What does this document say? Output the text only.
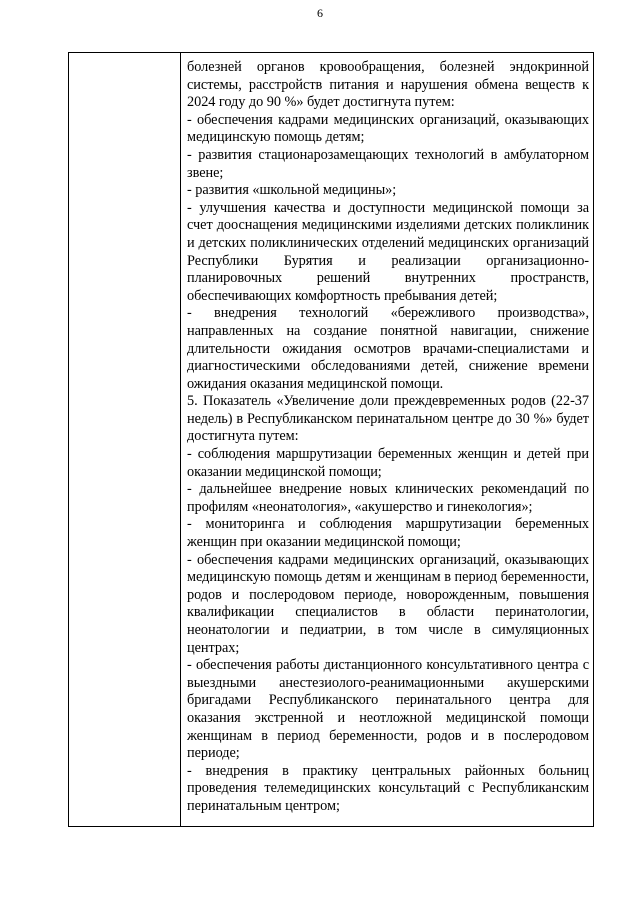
6

болезней органов кровообращения, болезней эндокринной системы, расстройств питания и нарушения обмена веществ к 2024 году до 90 %» будет достигнута путем:

- обеспечения кадрами медицинских организаций, оказывающих медицинскую помощь детям;

- развития стационарозамещающих технологий в амбулаторном звене;

- развития «школьной медицины»;

- улучшения качества и доступности медицинской помощи за счет дооснащения медицинскими изделиями детских поликлиник и детских поликлинических отделений медицинских организаций Республики Бурятия и реализации организационно-планировочных решений внутренних пространств, обеспечивающих комфортность пребывания детей;

- внедрения технологий «бережливого производства», направленных на создание понятной навигации, снижение длительности ожидания осмотров врачами-специалистами и диагностическими обследованиями детей, снижение времени ожидания оказания медицинской помощи.

5. Показатель «Увеличение доли преждевременных родов (22-37 недель) в Республиканском перинатальном центре до 30 %» будет достигнута путем:

- соблюдения маршрутизации беременных женщин и детей при оказании медицинской помощи;

- дальнейшее внедрение новых клинических рекомендаций по профилям «неонатология», «акушерство и гинекология»;

- мониторинга и соблюдения маршрутизации беременных женщин при оказании медицинской помощи;

- обеспечения кадрами медицинских организаций, оказывающих медицинскую помощь детям и женщинам в период беременности, родов и послеродовом периоде, новорожденным, повышения квалификации специалистов в области перинатологии, неонатологии и педиатрии, в том числе в симуляционных центрах;

- обеспечения работы дистанционного консультативного центра с выездными анестезиолого-реанимационными акушерскими бригадами Республиканского перинатального центра для оказания экстренной и неотложной медицинской помощи женщинам в период беременности, родов и в послеродовом периоде;

- внедрения в практику центральных районных больниц проведения телемедицинских консультаций с Республиканским перинатальным центром;
